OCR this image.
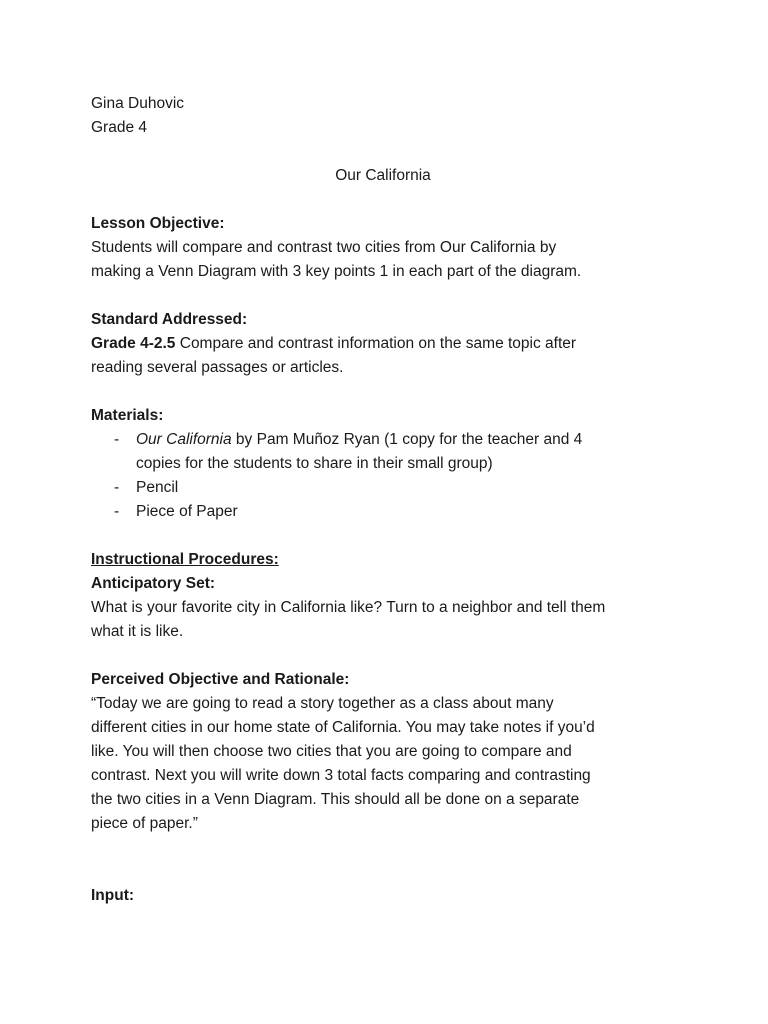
Gina Duhovic

Grade 4

Our California

Lesson Objective:

Students will compare and contrast two cities from Our California by

making a Venn Diagram with 3 key points 1 in each part of the diagram.

Standard Addressed:

Grade 4-2.5 Compare and contrast information on the same topic after

reading several passages or articles.

Materials:

- Our California by Pam Muñoz Ryan (1 copy for the teacher and 4
copies for the students to share in their small group)
- Pencil
- Piece of Paper

Instructional Procedures:

Anticipatory Set:

What is your favorite city in California like? Turn to a neighbor and tell them

what it is like.

Perceived Objective and Rationale:

“Today we are going to read a story together as a class about many

different cities in our home state of California. You may take notes if you’d

like. You will then choose two cities that you are going to compare and

contrast. Next you will write down 3 total facts comparing and contrasting

the two cities in a Venn Diagram. This should all be done on a separate

piece of paper.”

Input:
